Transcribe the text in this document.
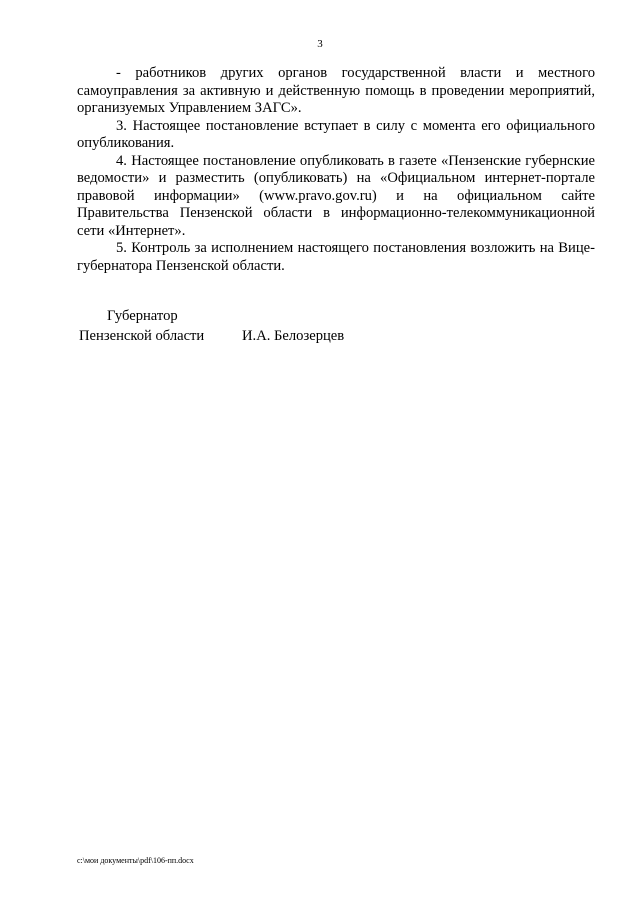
3

- работников других органов государственной власти и местного самоуправления за активную и действенную помощь в проведении мероприятий, организуемых Управлением ЗАГС».

3. Настоящее постановление вступает в силу с момента его официального опубликования.

4. Настоящее постановление опубликовать в газете «Пензенские губернские ведомости» и разместить (опубликовать) на «Официальном интернет-портале правовой информации» (www.pravo.gov.ru) и на официальном сайте Правительства Пензенской области в информационно-телекоммуникационной сети «Интернет».

5. Контроль за исполнением настоящего постановления возложить на Вице-губернатора Пензенской области.

Губернатор
Пензенской области	И.А. Белозерцев
c:\мои документы\pdf\106-пп.docx
